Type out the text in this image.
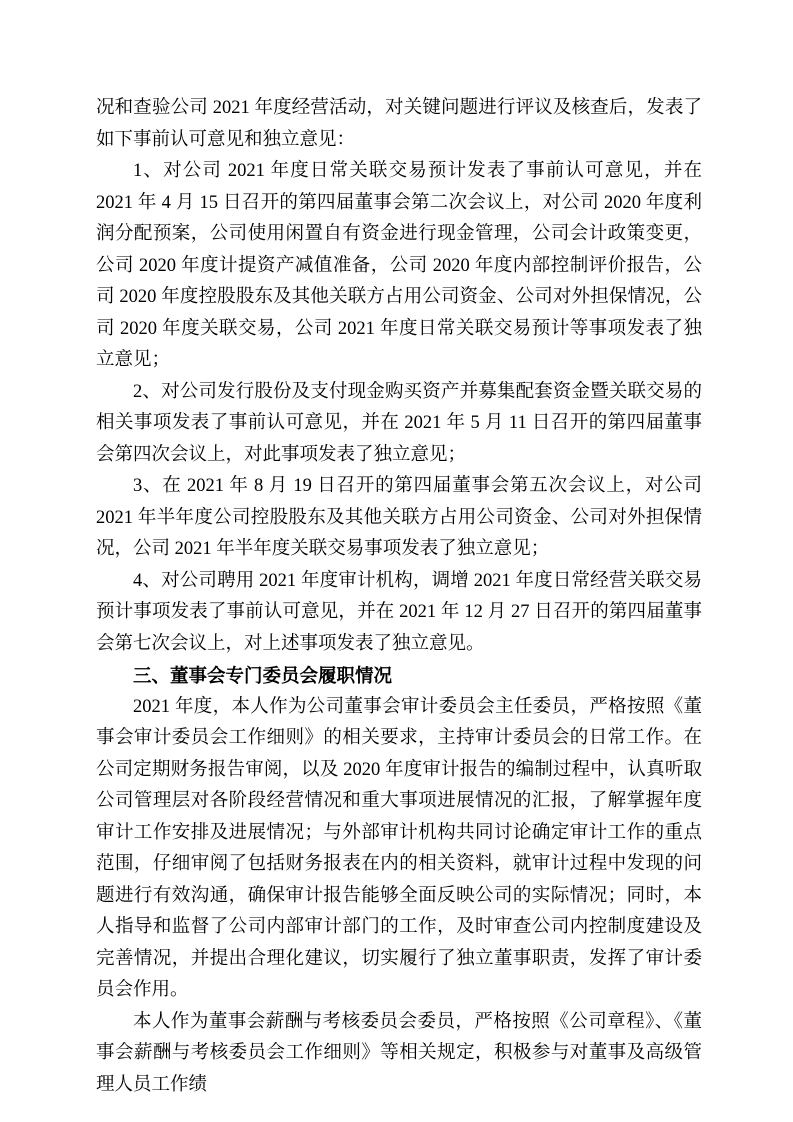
况和查验公司 2021 年度经营活动，对关键问题进行评议及核查后，发表了如下事前认可意见和独立意见：

1、对公司 2021 年度日常关联交易预计发表了事前认可意见，并在 2021 年 4 月 15 日召开的第四届董事会第二次会议上，对公司 2020 年度利润分配预案，公司使用闲置自有资金进行现金管理，公司会计政策变更，公司 2020 年度计提资产减值准备，公司 2020 年度内部控制评价报告，公司 2020 年度控股股东及其他关联方占用公司资金、公司对外担保情况，公司 2020 年度关联交易，公司 2021 年度日常关联交易预计等事项发表了独立意见；

2、对公司发行股份及支付现金购买资产并募集配套资金暨关联交易的相关事项发表了事前认可意见，并在 2021 年 5 月 11 日召开的第四届董事会第四次会议上，对此事项发表了独立意见；

3、在 2021 年 8 月 19 日召开的第四届董事会第五次会议上，对公司 2021 年半年度公司控股股东及其他关联方占用公司资金、公司对外担保情况，公司 2021 年半年度关联交易事项发表了独立意见；

4、对公司聘用 2021 年度审计机构，调增 2021 年度日常经营关联交易预计事项发表了事前认可意见，并在 2021 年 12 月 27 日召开的第四届董事会第七次会议上，对上述事项发表了独立意见。

三、董事会专门委员会履职情况

2021 年度，本人作为公司董事会审计委员会主任委员，严格按照《董事会审计委员会工作细则》的相关要求，主持审计委员会的日常工作。在公司定期财务报告审阅，以及 2020 年度审计报告的编制过程中，认真听取公司管理层对各阶段经营情况和重大事项进展情况的汇报，了解掌握年度审计工作安排及进展情况；与外部审计机构共同讨论确定审计工作的重点范围，仔细审阅了包括财务报表在内的相关资料，就审计过程中发现的问题进行有效沟通，确保审计报告能够全面反映公司的实际情况；同时，本人指导和监督了公司内部审计部门的工作，及时审查公司内控制度建设及完善情况，并提出合理化建议，切实履行了独立董事职责，发挥了审计委员会作用。

本人作为董事会薪酬与考核委员会委员，严格按照《公司章程》、《董事会薪酬与考核委员会工作细则》等相关规定，积极参与对董事及高级管理人员工作绩
